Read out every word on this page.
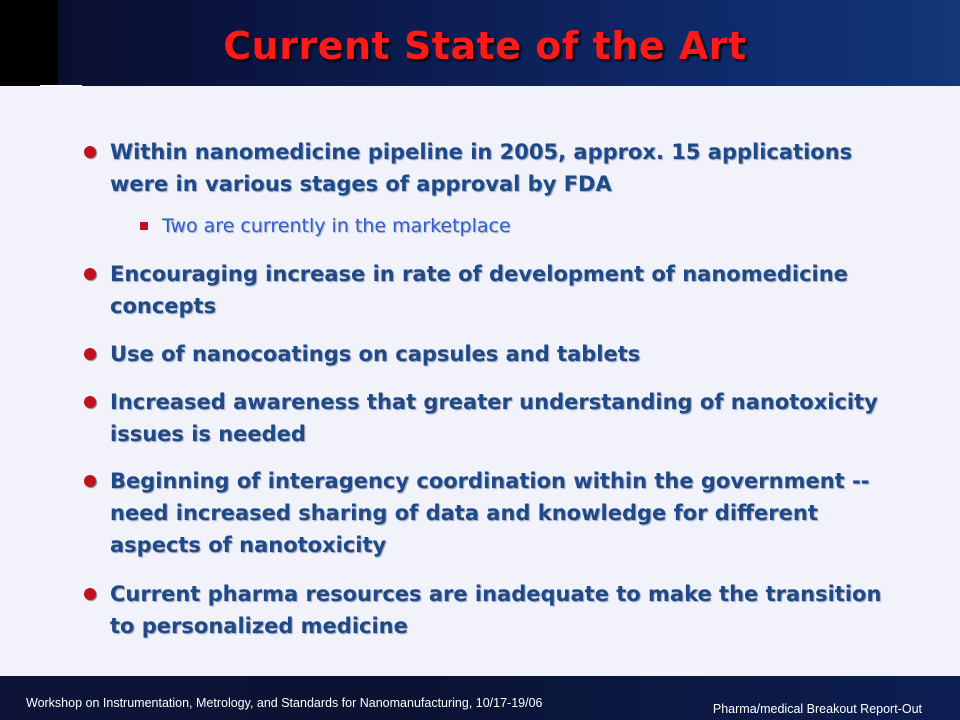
Current State of the Art
Within nanomedicine pipeline in 2005, approx. 15 applications were in various stages of approval by FDA
Two are currently in the marketplace
Encouraging increase in rate of development of nanomedicine concepts
Use of nanocoatings on capsules and tablets
Increased awareness that greater understanding of nanotoxicity issues is needed
Beginning of interagency coordination within the government -- need increased sharing of data and knowledge for different aspects of nanotoxicity
Current pharma resources are inadequate to make the transition to personalized medicine
Workshop on Instrumentation, Metrology, and Standards for Nanomanufacturing, 10/17-19/06	Pharma/medical Breakout Report-Out
